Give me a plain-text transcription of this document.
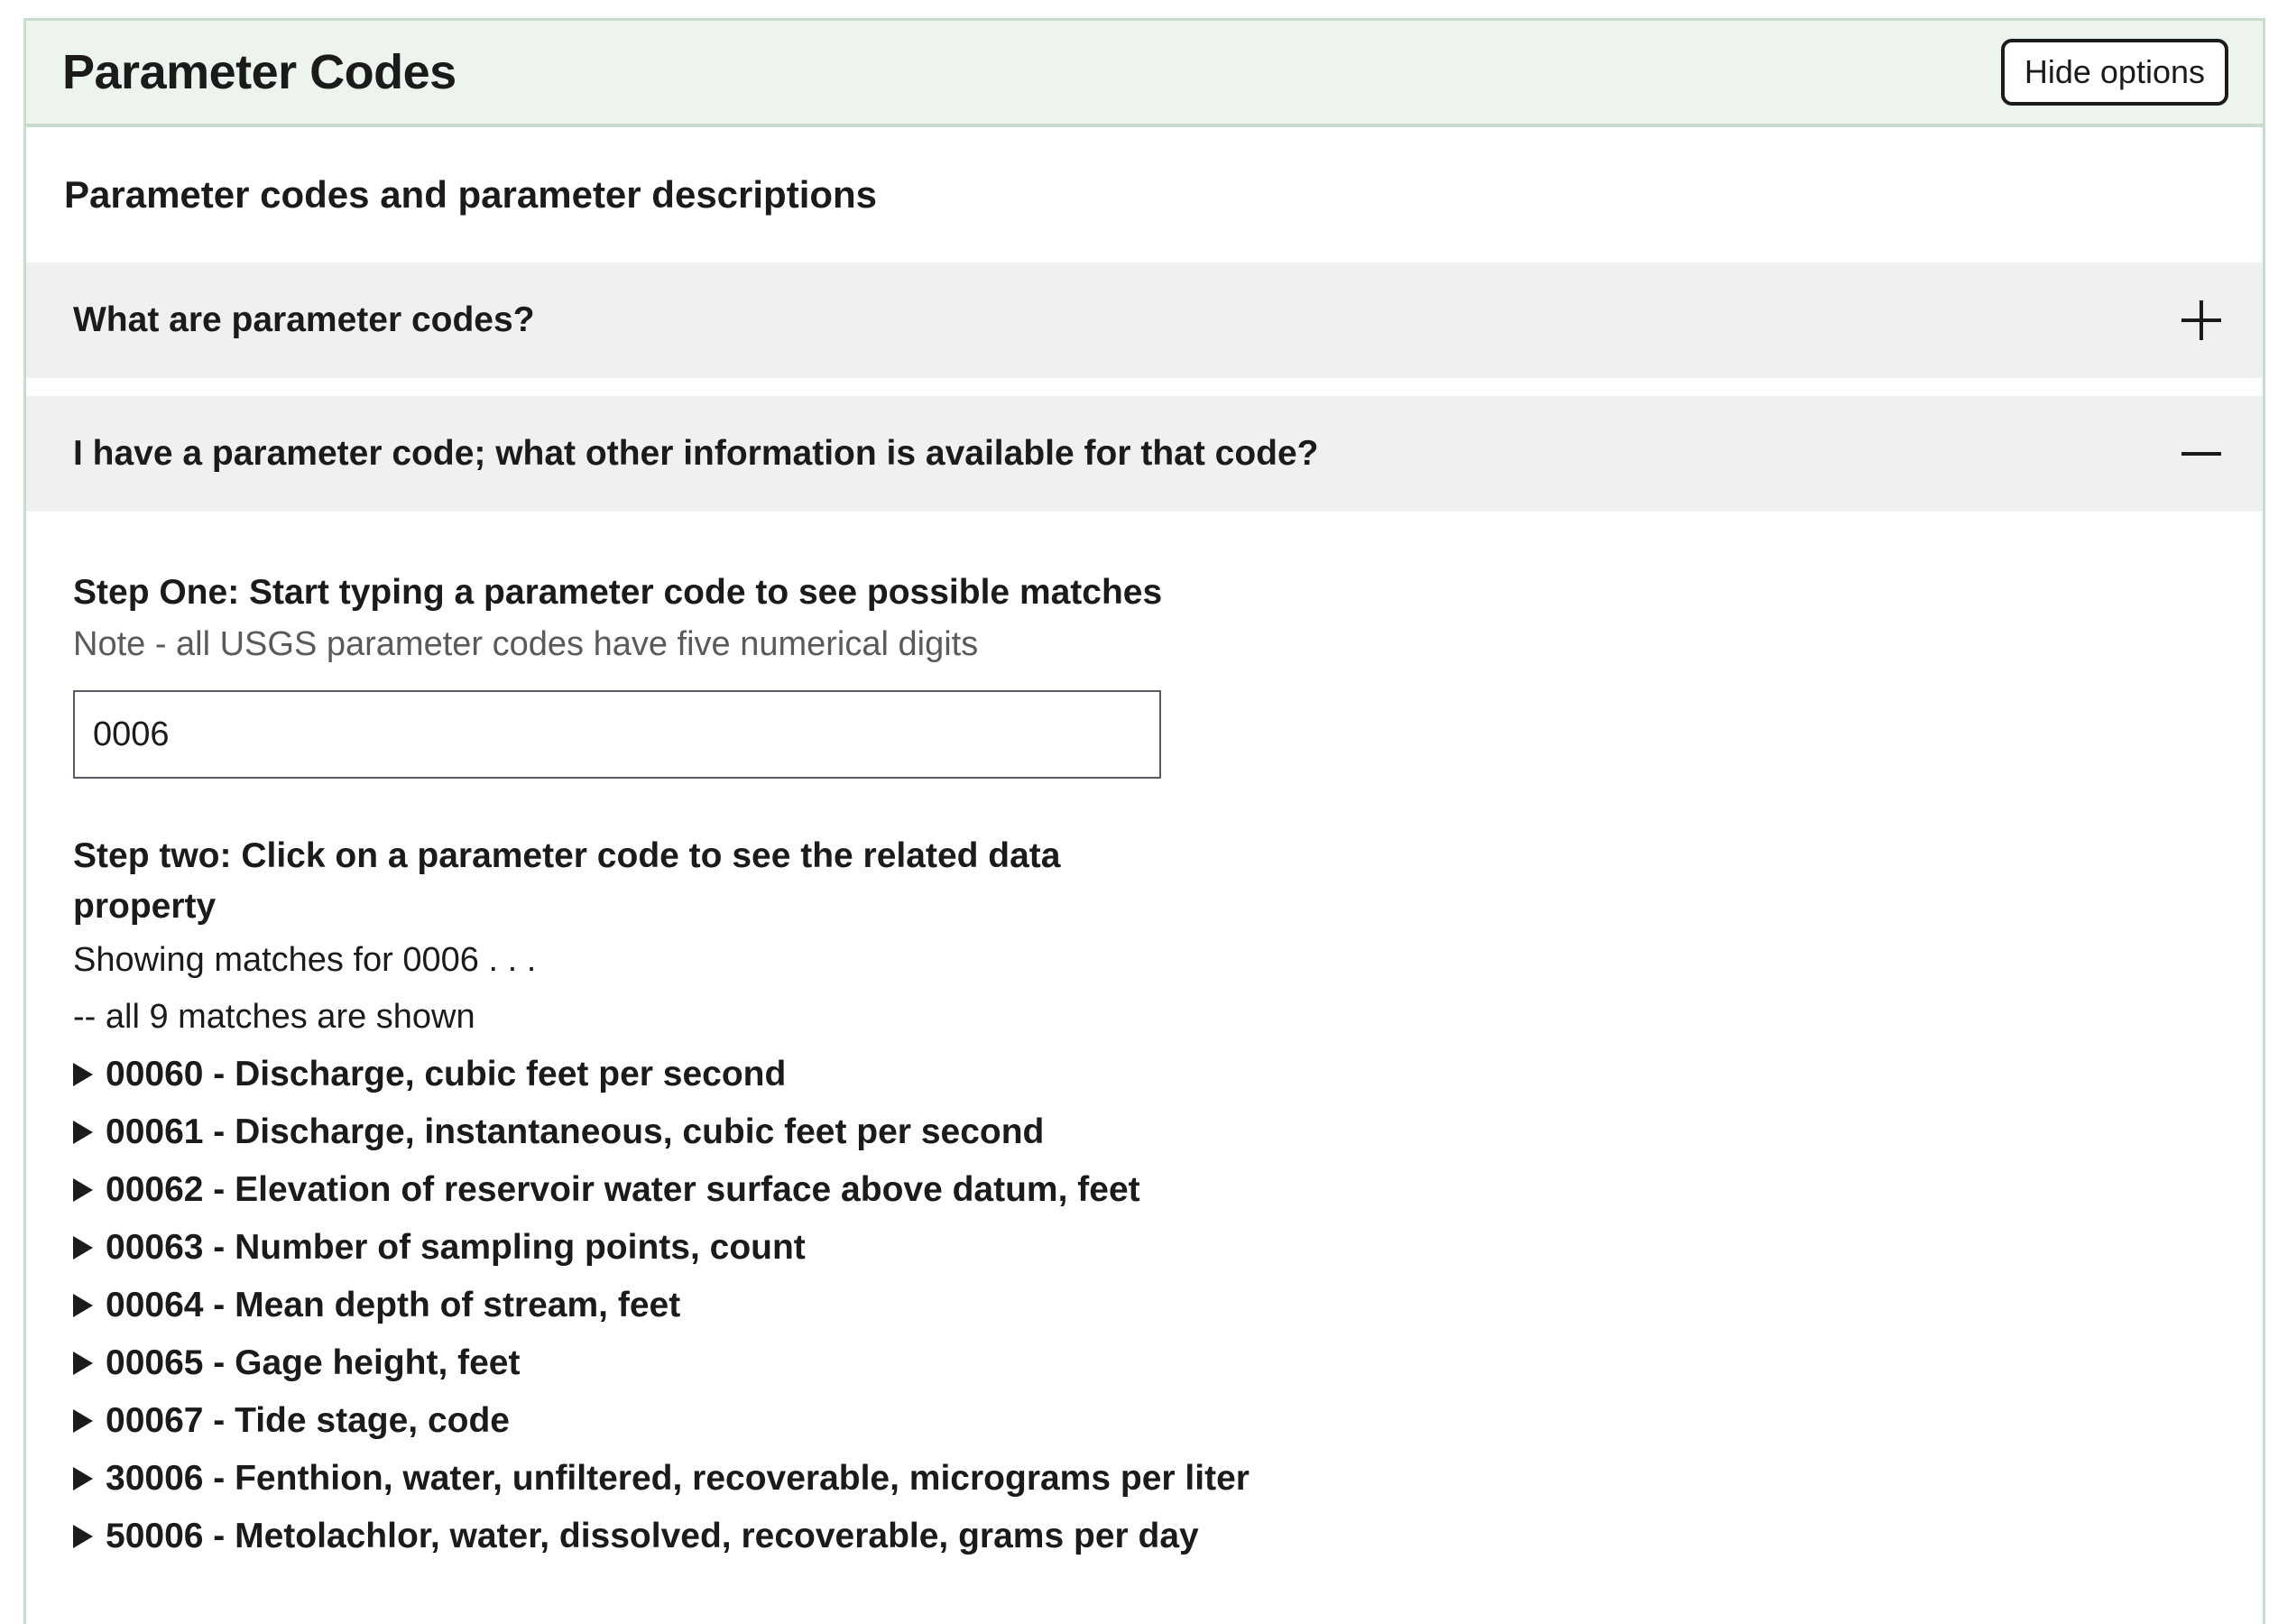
Parameter Codes	Hide options
Parameter codes and parameter descriptions
What are parameter codes?
I have a parameter code; what other information is available for that code?

Step One: Start typing a parameter code to see possible matches

Note - all USGS parameter codes have five numerical digits

0006

Step two: Click on a parameter code to see the related data property

Showing matches for 0006 . . .

-- all 9 matches are shown

00060 - Discharge, cubic feet per second
00061 - Discharge, instantaneous, cubic feet per second
00062 - Elevation of reservoir water surface above datum, feet
00063 - Number of sampling points, count
00064 - Mean depth of stream, feet
00065 - Gage height, feet
00067 - Tide stage, code
30006 - Fenthion, water, unfiltered, recoverable, micrograms per liter
50006 - Metolachlor, water, dissolved, recoverable, grams per day
